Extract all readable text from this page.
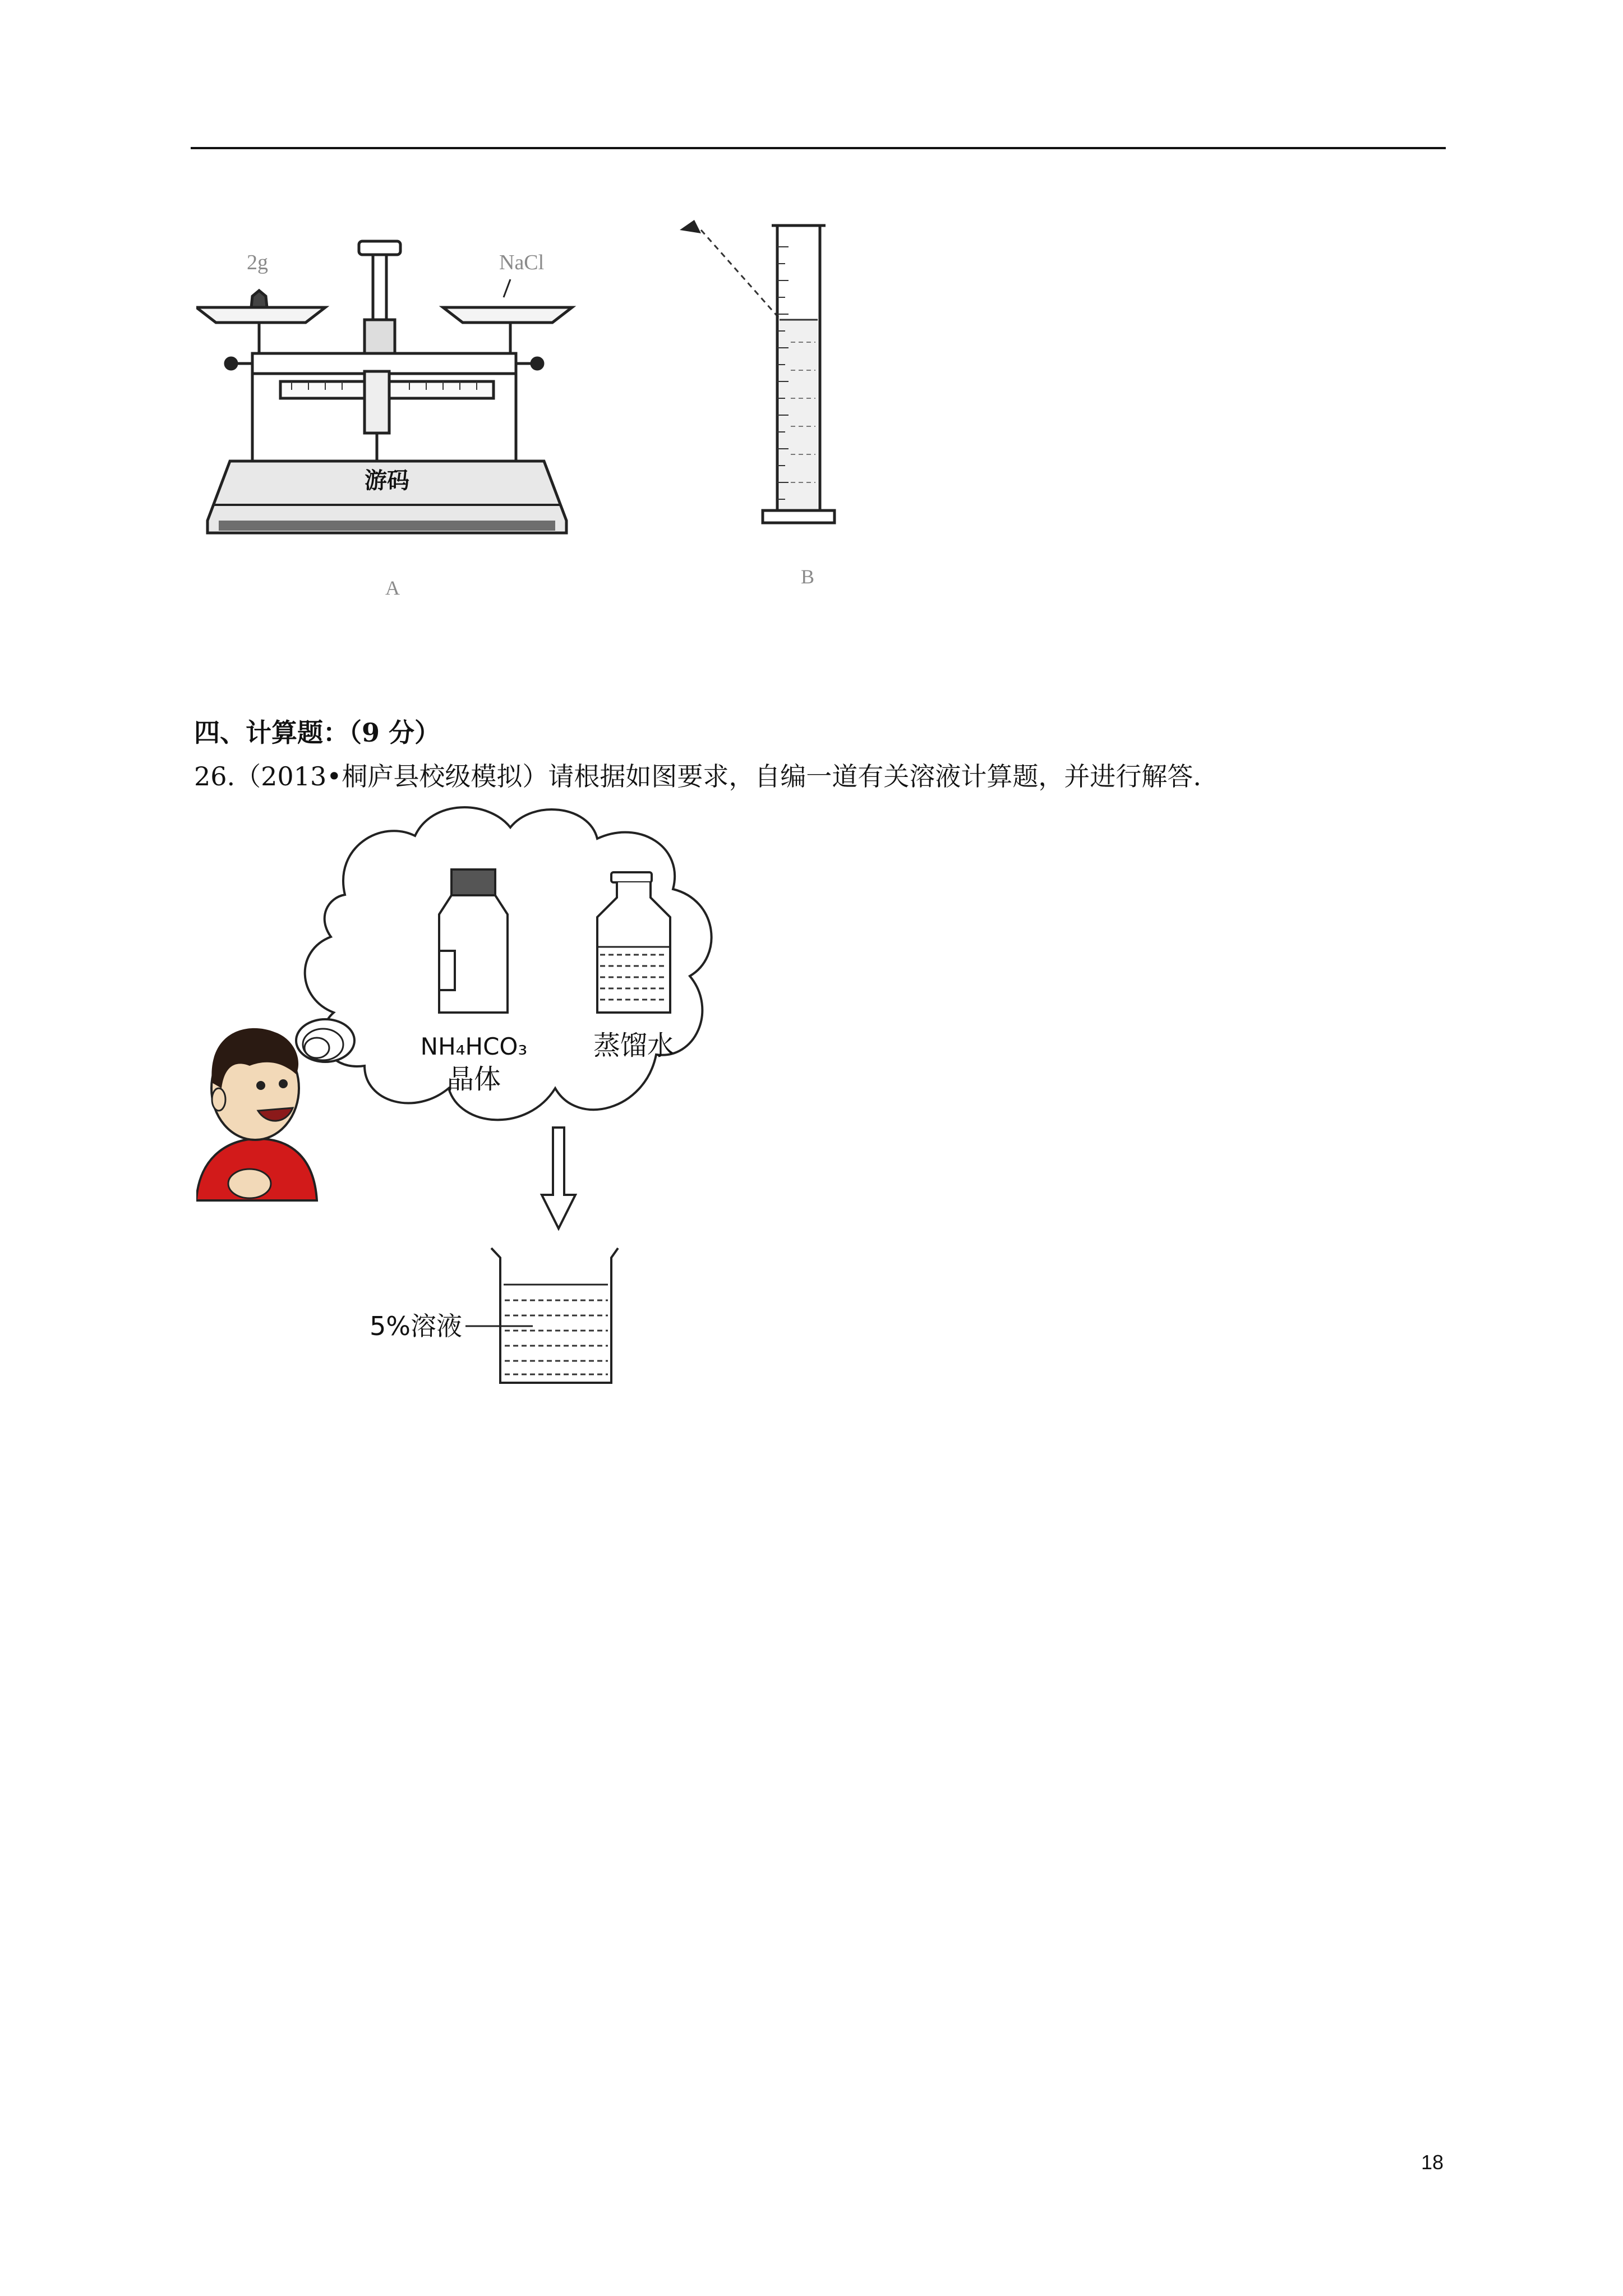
2g	NaCl
游码
A	B
四、计算题：（9 分）
26.（2013•桐庐县校级模拟）请根据如图要求，自编一道有关溶液计算题，并进行解答.
NH₄HCO₃
晶体
蒸馏水
5%溶液
18
